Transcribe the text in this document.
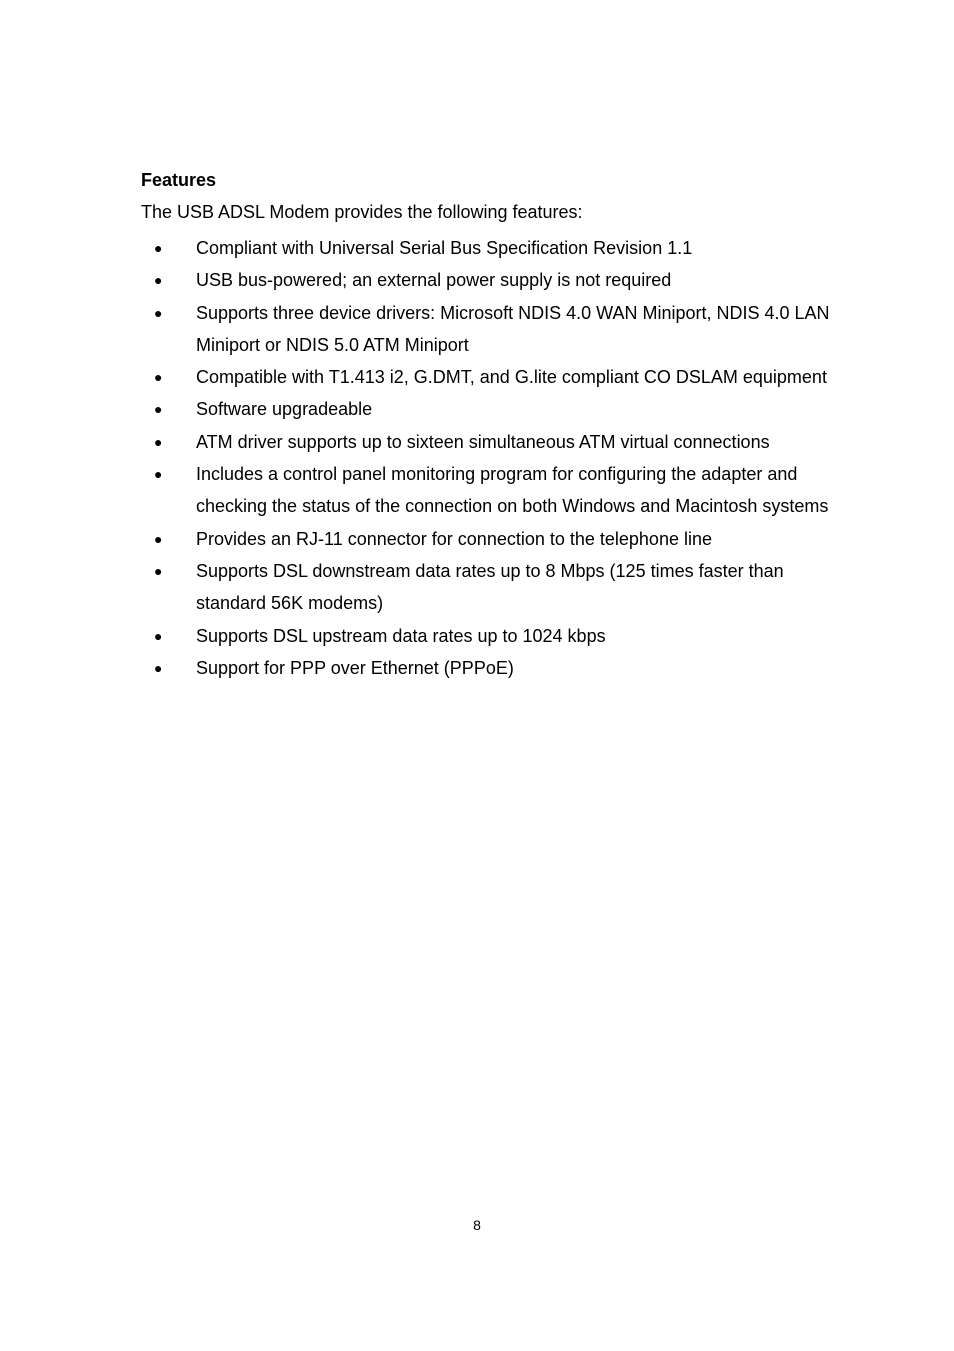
Features
The USB ADSL Modem provides the following features:
● Compliant with Universal Serial Bus Specification Revision 1.1
● USB bus-powered; an external power supply is not required
● Supports three device drivers: Microsoft NDIS 4.0 WAN Miniport, NDIS 4.0 LAN Miniport or NDIS 5.0 ATM Miniport
● Compatible with T1.413 i2, G.DMT, and G.lite compliant CO DSLAM equipment
● Software upgradeable
● ATM driver supports up to sixteen simultaneous ATM virtual connections
● Includes a control panel monitoring program for configuring the adapter and checking the status of the connection on both Windows and Macintosh systems
● Provides an RJ-11 connector for connection to the telephone line
● Supports DSL downstream data rates up to 8 Mbps (125 times faster than standard 56K modems)
● Supports DSL upstream data rates up to 1024 kbps
● Support for PPP over Ethernet (PPPoE)
8
